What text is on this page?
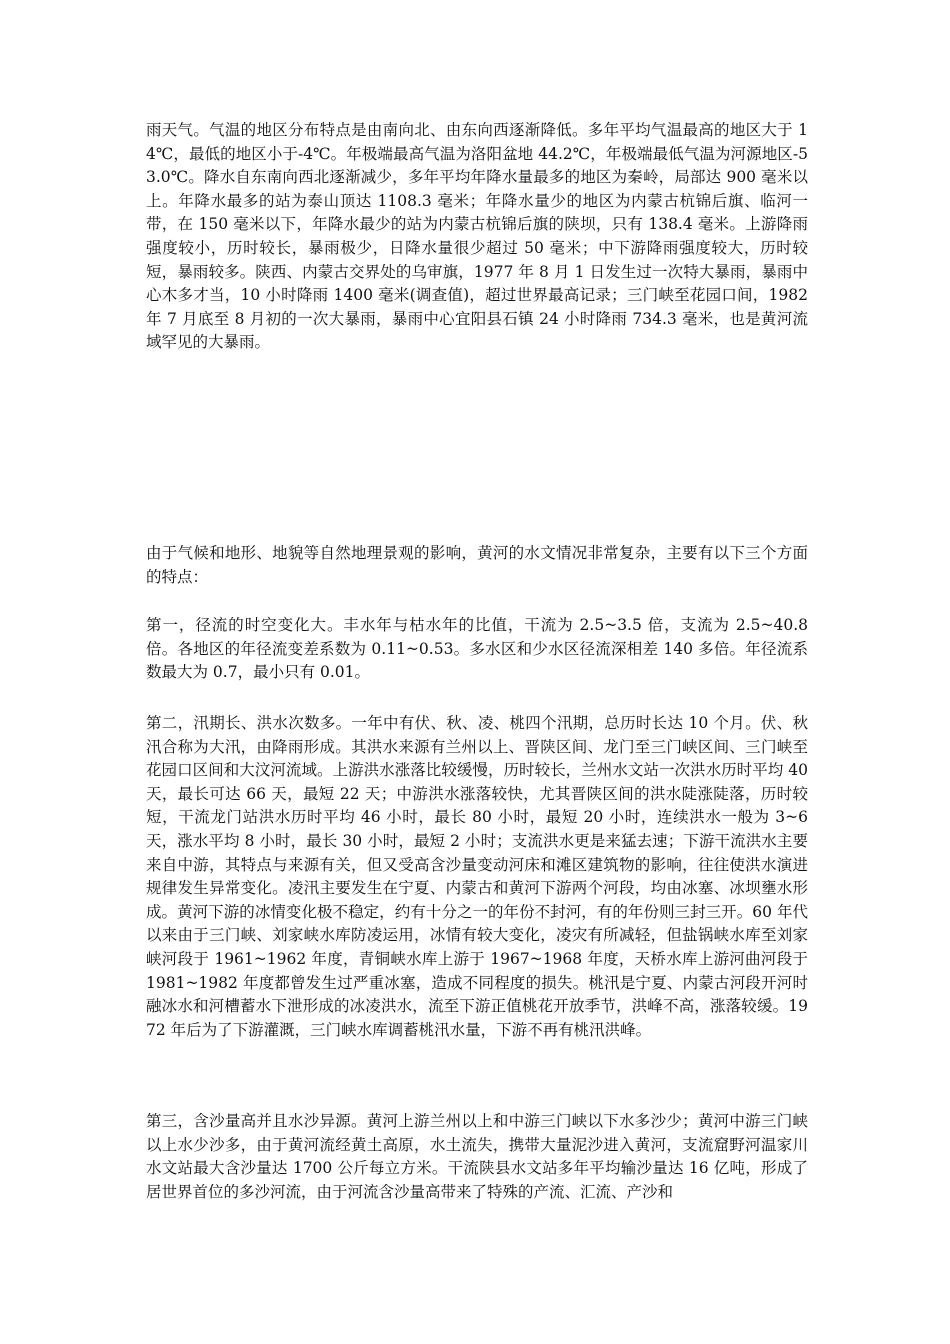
雨天气。气温的地区分布特点是由南向北、由东向西逐渐降低。多年平均气温最高的地区大于 14℃，最低的地区小于-4℃。年极端最高气温为洛阳盆地 44.2℃，年极端最低气温为河源地区-53.0℃。降水自东南向西北逐渐减少，多年平均年降水量最多的地区为秦岭，局部达 900 毫米以上。年降水最多的站为泰山顶达 1108.3 毫米；年降水量少的地区为内蒙古杭锦后旗、临河一带，在 150 毫米以下，年降水最少的站为内蒙古杭锦后旗的陕坝，只有 138.4 毫米。上游降雨强度较小，历时较长，暴雨极少，日降水量很少超过 50 毫米；中下游降雨强度较大，历时较短，暴雨较多。陕西、内蒙古交界处的乌审旗，1977 年 8 月 1 日发生过一次特大暴雨，暴雨中心木多才当，10 小时降雨 1400 毫米(调查值)，超过世界最高记录；三门峡至花园口间，1982 年 7 月底至 8 月初的一次大暴雨，暴雨中心宜阳县石镇 24 小时降雨 734.3 毫米，也是黄河流域罕见的大暴雨。

由于气候和地形、地貌等自然地理景观的影响，黄河的水文情况非常复杂，主要有以下三个方面的特点：

第一，径流的时空变化大。丰水年与枯水年的比值，干流为 2.5~3.5 倍，支流为 2.5~40.8 倍。各地区的年径流变差系数为 0.11~0.53。多水区和少水区径流深相差 140 多倍。年径流系数最大为 0.7，最小只有 0.01。

第二，汛期长、洪水次数多。一年中有伏、秋、凌、桃四个汛期，总历时长达 10 个月。伏、秋汛合称为大汛，由降雨形成。其洪水来源有兰州以上、晋陕区间、龙门至三门峡区间、三门峡至花园口区间和大汶河流域。上游洪水涨落比较缓慢，历时较长，兰州水文站一次洪水历时平均 40 天，最长可达 66 天，最短 22 天；中游洪水涨落较快，尤其晋陕区间的洪水陡涨陡落，历时较短，干流龙门站洪水历时平均 46 小时，最长 80 小时，最短 20 小时，连续洪水一般为 3~6 天，涨水平均 8 小时，最长 30 小时，最短 2 小时；支流洪水更是来猛去速；下游干流洪水主要来自中游，其特点与来源有关，但又受高含沙量变动河床和滩区建筑物的影响，往往使洪水演进规律发生异常变化。凌汛主要发生在宁夏、内蒙古和黄河下游两个河段，均由冰塞、冰坝壅水形成。黄河下游的冰情变化极不稳定，约有十分之一的年份不封河，有的年份则三封三开。60 年代以来由于三门峡、刘家峡水库防凌运用，冰情有较大变化，凌灾有所减轻，但盐锅峡水库至刘家峡河段于 1961~1962 年度，青铜峡水库上游于 1967~1968 年度，天桥水库上游河曲河段于 1981~1982 年度都曾发生过严重冰塞，造成不同程度的损失。桃汛是宁夏、内蒙古河段开河时融冰水和河槽蓄水下泄形成的冰凌洪水，流至下游正值桃花开放季节，洪峰不高，涨落较缓。1972 年后为了下游灌溉，三门峡水库调蓄桃汛水量，下游不再有桃汛洪峰。

第三，含沙量高并且水沙异源。黄河上游兰州以上和中游三门峡以下水多沙少；黄河中游三门峡以上水少沙多，由于黄河流经黄土高原，水土流失，携带大量泥沙进入黄河，支流窟野河温家川水文站最大含沙量达 1700 公斤每立方米。干流陕县水文站多年平均输沙量达 16 亿吨，形成了居世界首位的多沙河流，由于河流含沙量高带来了特殊的产流、汇流、产沙和
